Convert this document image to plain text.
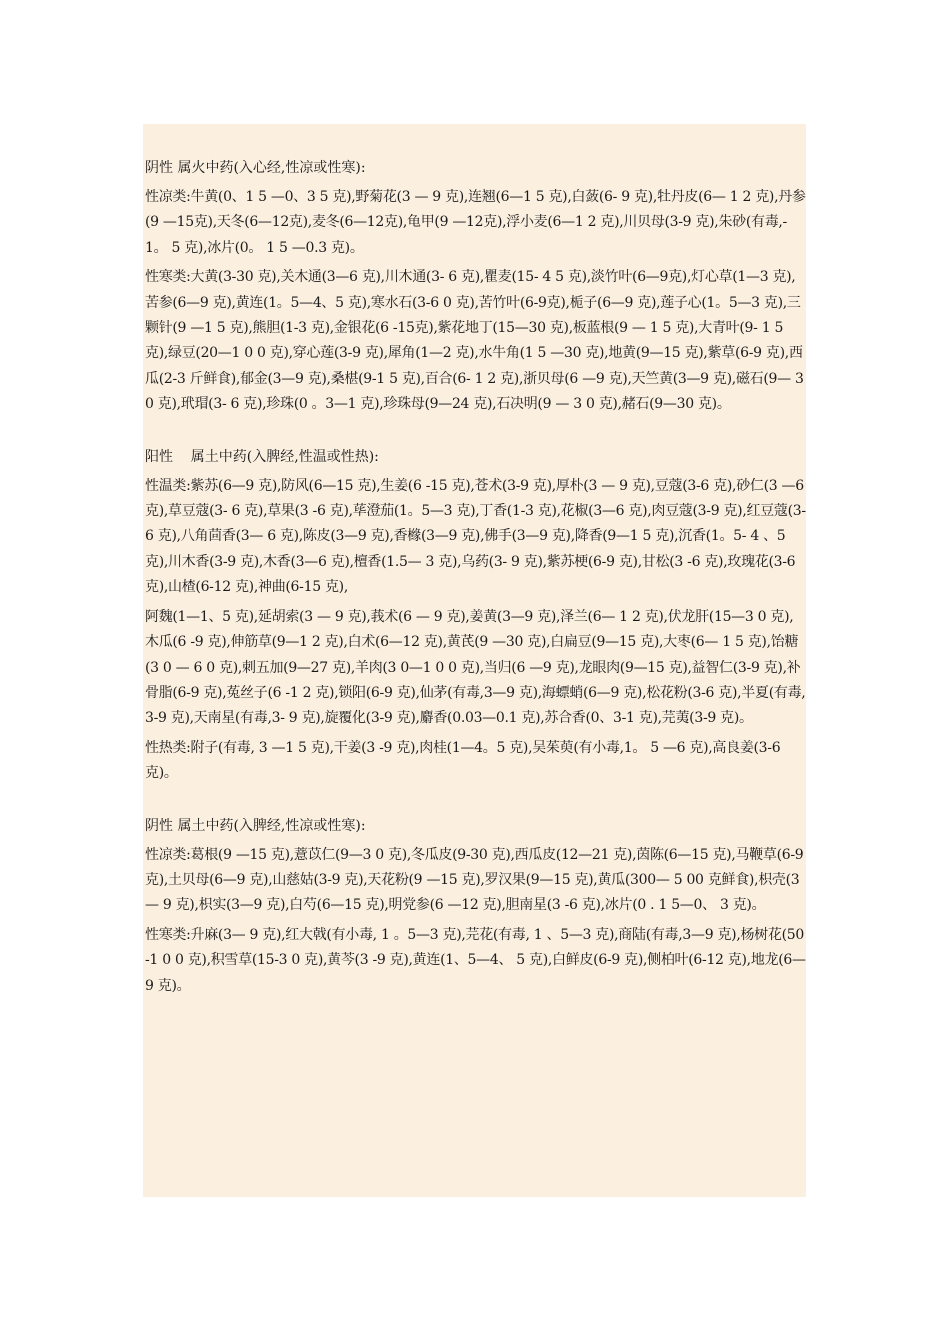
阴性 属火中药(入心经,性凉或性寒):
性凉类:牛黄(0、1 5 —0、3 5 克),野菊花(3 — 9 克),连翘(6—1 5 克),白蔹(6- 9 克),牡丹皮(6— 1 2 克),丹参(9 —15克),天冬(6—12克),麦冬(6—12克),龟甲(9 —12克),浮小麦(6—1 2 克),川贝母(3-9 克),朱砂(有毒,-1。 5 克),冰片(0。 1 5 —0.3 克)。
性寒类:大黄(3-30 克),关木通(3—6 克),川木通(3- 6 克),瞿麦(15- 4 5 克),淡竹叶(6—9克),灯心草(1—3 克),苦参(6—9 克),黄连(1。5—4、5 克),寒水石(3-6 0 克),苦竹叶(6-9克),栀子(6—9 克),莲子心(1。5—3 克),三颗针(9 —1 5 克),熊胆(1-3 克),金银花(6 -15克),紫花地丁(15—30 克),板蓝根(9 — 1 5 克),大青叶(9- 1 5 克),绿豆(20—1 0 0 克),穿心莲(3-9 克),犀角(1—2 克),水牛角(1 5 —30 克),地黄(9—15 克),紫草(6-9 克),西瓜(2-3 斤鲜食),郁金(3—9 克),桑椹(9-1 5 克),百合(6- 1 2 克),浙贝母(6 —9 克),天竺黄(3—9 克),磁石(9— 3 0 克),玳瑁(3- 6 克),珍珠(0 。3—1 克),珍珠母(9—24 克),石决明(9 — 3 0 克),赭石(9—30 克)。
阳性    属土中药(入脾经,性温或性热):
性温类:紫苏(6—9 克),防风(6—15 克),生姜(6 -15 克),苍术(3-9 克),厚朴(3 — 9 克),豆蔻(3-6 克),砂仁(3 —6 克),草豆蔻(3- 6 克),草果(3 -6 克),荜澄茄(1。5—3 克),丁香(1-3 克),花椒(3—6 克),肉豆蔻(3-9 克),红豆蔻(3- 6 克),八角茴香(3— 6 克),陈皮(3—9 克),香橼(3—9 克),佛手(3—9 克),降香(9—1 5 克),沉香(1。5- 4 、5 克),川木香(3-9 克),木香(3—6 克),檀香(1.5— 3 克),乌药(3- 9 克),紫苏梗(6-9 克),甘松(3 -6 克),玫瑰花(3-6 克),山楂(6-12 克),神曲(6-15 克),
阿魏(1—1、5 克),延胡索(3 — 9 克),莪术(6 — 9 克),姜黄(3—9 克),泽兰(6— 1 2 克),伏龙肝(15—3 0 克),木瓜(6 -9 克),伸筋草(9—1 2 克),白术(6—12 克),黄芪(9 —30 克),白扁豆(9—15 克),大枣(6— 1 5 克),饴糖(3 0 — 6 0 克),刺五加(9—27 克),羊肉(3 0—1 0 0 克),当归(6 —9 克),龙眼肉(9—15 克),益智仁(3-9 克),补骨脂(6-9 克),菟丝子(6 -1 2 克),锁阳(6-9 克),仙茅(有毒,3—9 克),海螵蛸(6—9 克),松花粉(3-6 克),半夏(有毒,3-9 克),天南星(有毒,3- 9 克),旋覆化(3-9 克),麝香(0.03—0.1 克),苏合香(0、3-1 克),芫荑(3-9 克)。
性热类:附子(有毒, 3 —1 5 克),干姜(3 -9 克),肉桂(1—4。5 克),吴茱萸(有小毒,1。 5 —6 克),高良姜(3-6 克)。
阴性 属土中药(入脾经,性凉或性寒):
性凉类:葛根(9 —15 克),薏苡仁(9—3 0 克),冬瓜皮(9-30 克),西瓜皮(12—21 克),茵陈(6—15 克),马鞭草(6-9 克),土贝母(6—9 克),山慈姑(3-9 克),天花粉(9 —15 克),罗汉果(9—15 克),黄瓜(300— 5 00 克鲜食),枳壳(3— 9 克),枳实(3—9 克),白芍(6—15 克),明党参(6 —12 克),胆南星(3 -6 克),冰片(0 . 1 5—0、 3 克)。
性寒类:升麻(3— 9 克),红大戟(有小毒, 1 。5—3 克),芫花(有毒, 1 、5—3 克),商陆(有毒,3—9 克),杨树花(50-1 0 0 克),积雪草(15-3 0 克),黄芩(3 -9 克),黄连(1、5—4、 5 克),白鲜皮(6-9 克),侧柏叶(6-12 克),地龙(6—9 克)。
